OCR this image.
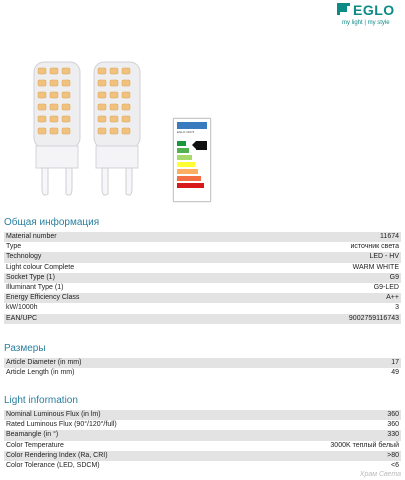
EGLO
my light | my style
EGLO 11674
Общая информация
Material number	11674
Type	источник света
Technology	LED - HV
Light colour Complete	WARM WHITE
Socket Type (1)	G9
Illuminant Type (1)	G9-LED
Energy Efficiency Class	A++
kW/1000h	3
EAN/UPC	9002759116743
Размеры
Article Diameter (in mm)	17
Article Length (in mm)	49
Light information
Nominal Luminous Flux (in lm)	360
Rated Luminous Flux (90°/120°/full)	360
Beamangle (in °)	330
Color Temperature	3000K теплый белый
Color Rendering Index (Ra, CRI)	>80
Color Tolerance (LED, SDCM)	<6
Храм Света
